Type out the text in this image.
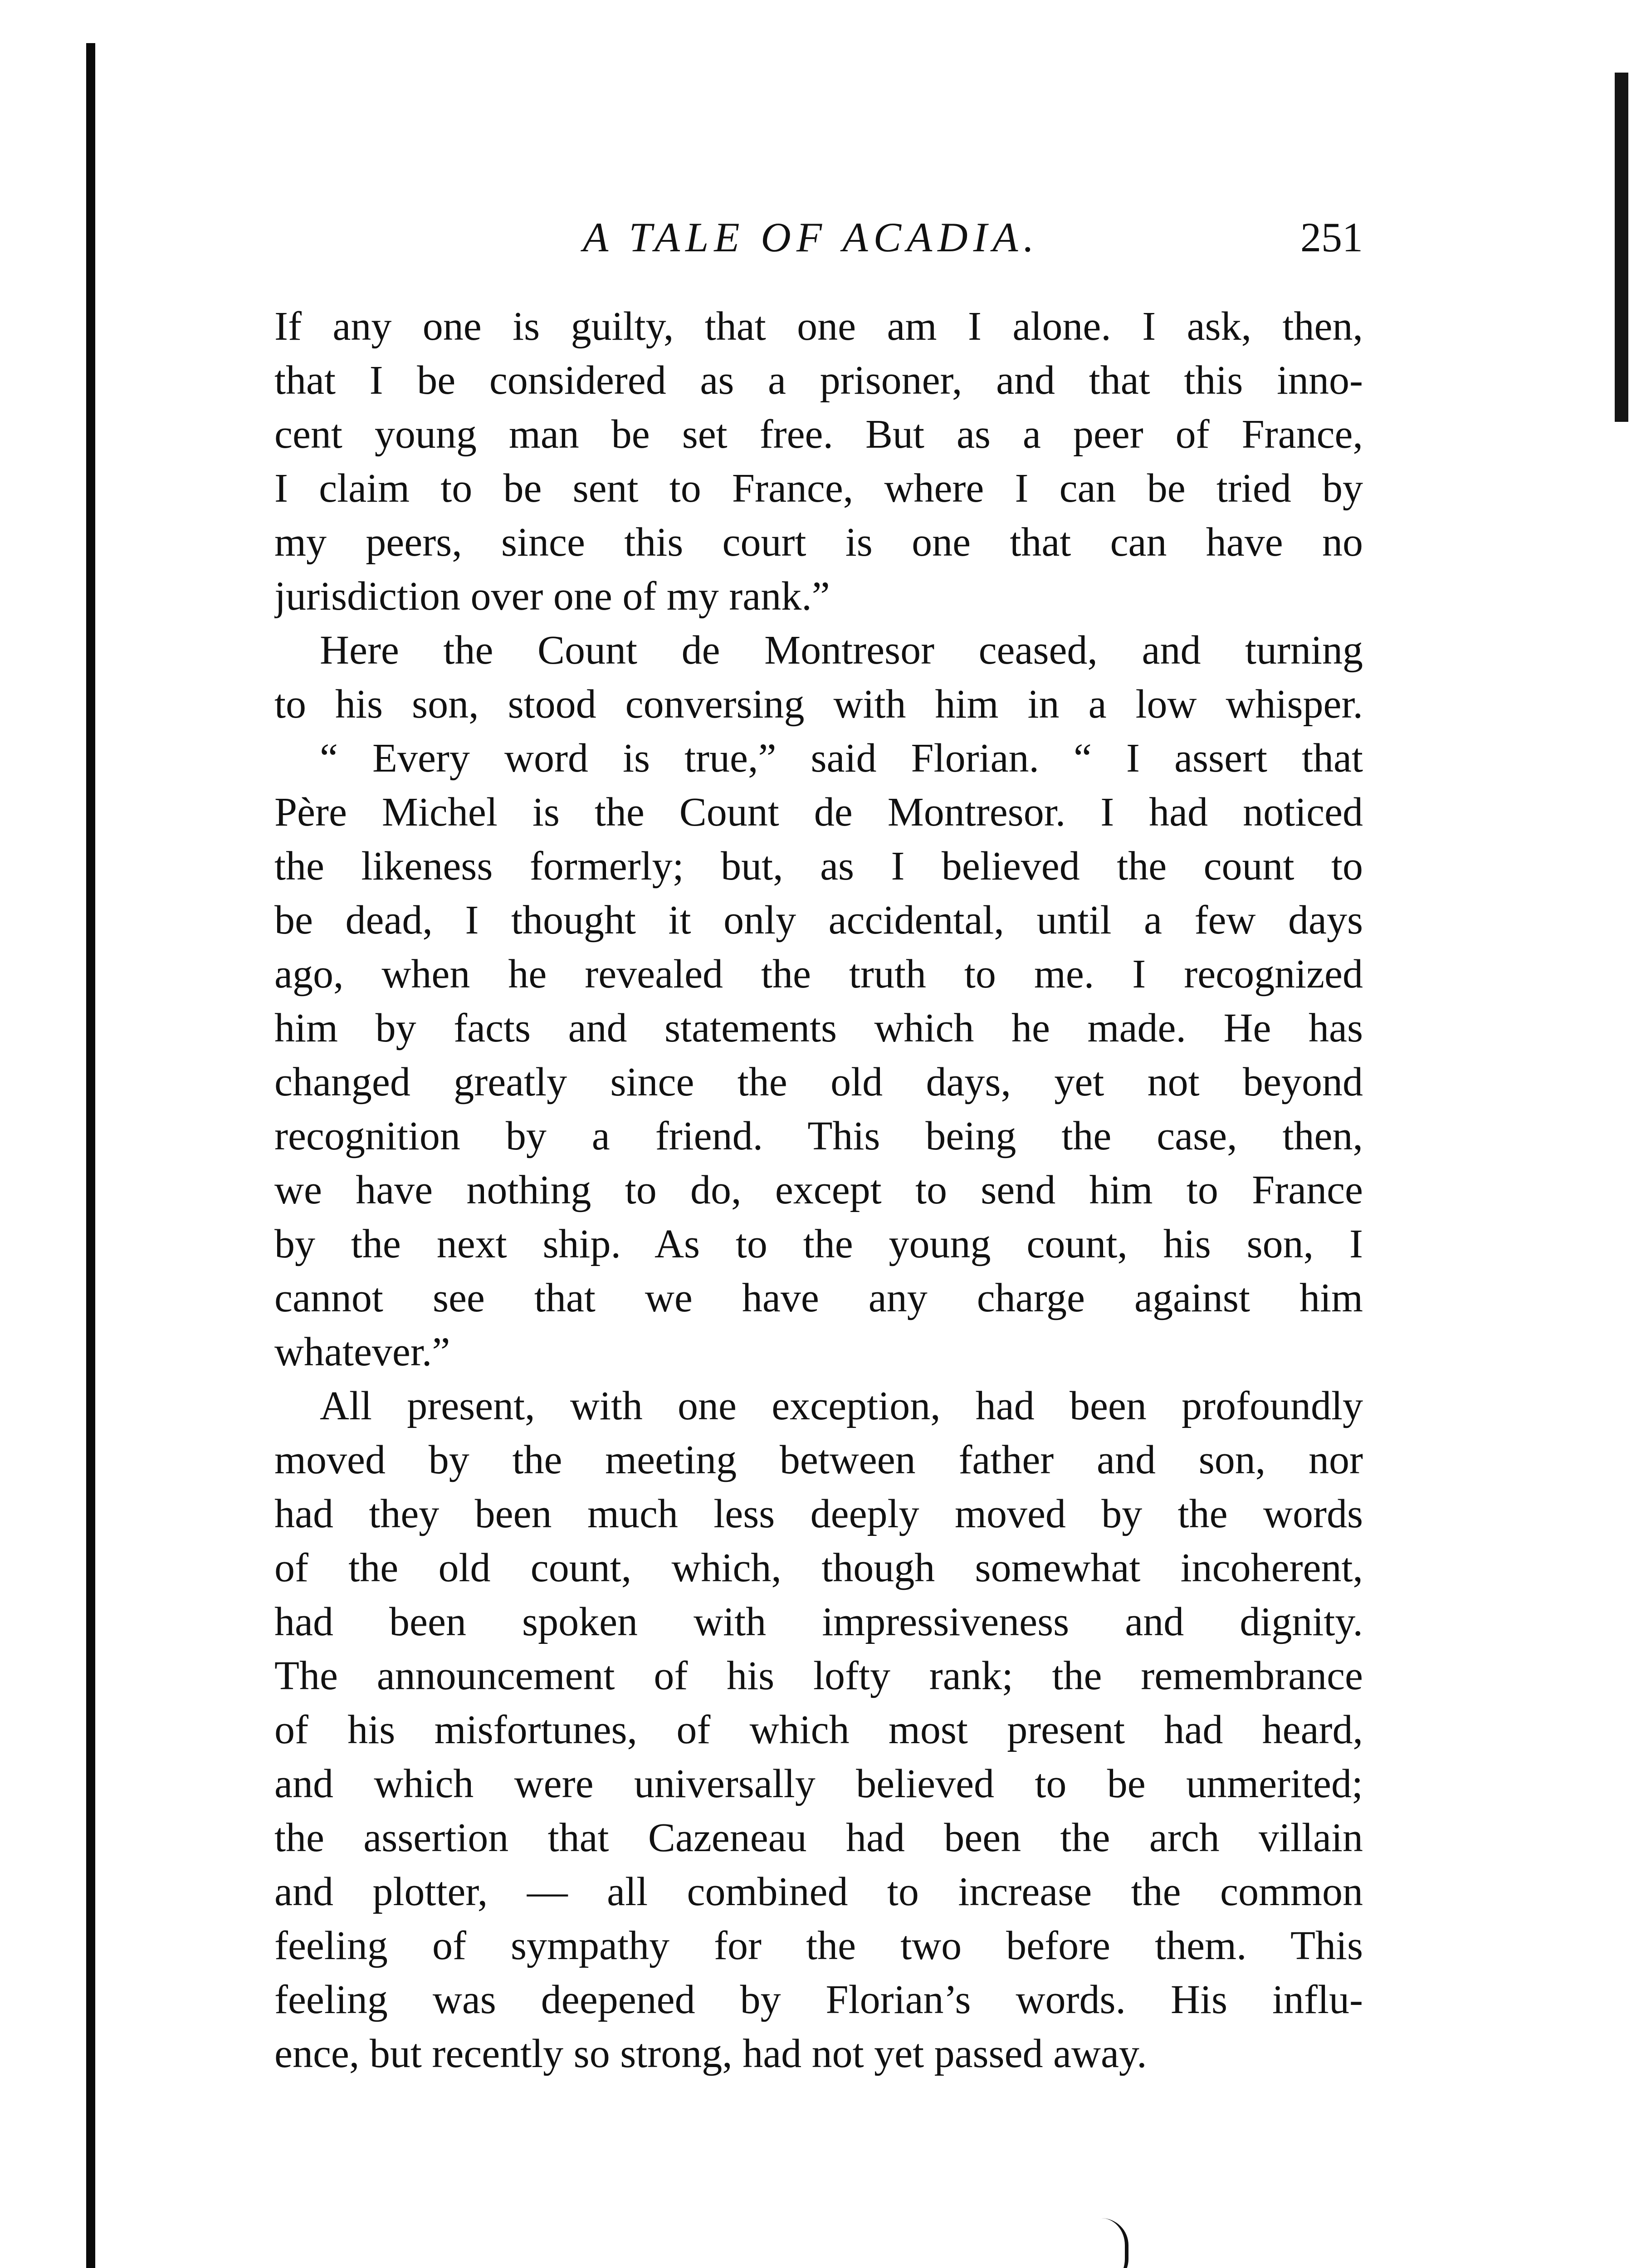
A TALE OF ACADIA.	251
If any one is guilty, that one am I alone. I ask, then,
that I be considered as a prisoner, and that this inno-
cent young man be set free. But as a peer of France,
I claim to be sent to France, where I can be tried by
my peers, since this court is one that can have no
jurisdiction over one of my rank.”
Here the Count de Montresor ceased, and turning
to his son, stood conversing with him in a low whisper.
“ Every word is true,” said Florian. “ I assert that
Père Michel is the Count de Montresor. I had noticed
the likeness formerly; but, as I believed the count to
be dead, I thought it only accidental, until a few days
ago, when he revealed the truth to me. I recognized
him by facts and statements which he made. He has
changed greatly since the old days, yet not beyond
recognition by a friend. This being the case, then,
we have nothing to do, except to send him to France
by the next ship. As to the young count, his son, I
cannot see that we have any charge against him
whatever.”
All present, with one exception, had been profoundly
moved by the meeting between father and son, nor
had they been much less deeply moved by the words
of the old count, which, though somewhat incoherent,
had been spoken with impressiveness and dignity.
The announcement of his lofty rank; the remembrance
of his misfortunes, of which most present had heard,
and which were universally believed to be unmerited;
the assertion that Cazeneau had been the arch villain
and plotter, — all combined to increase the common
feeling of sympathy for the two before them. This
feeling was deepened by Florian’s words. His influ-
ence, but recently so strong, had not yet passed away.
